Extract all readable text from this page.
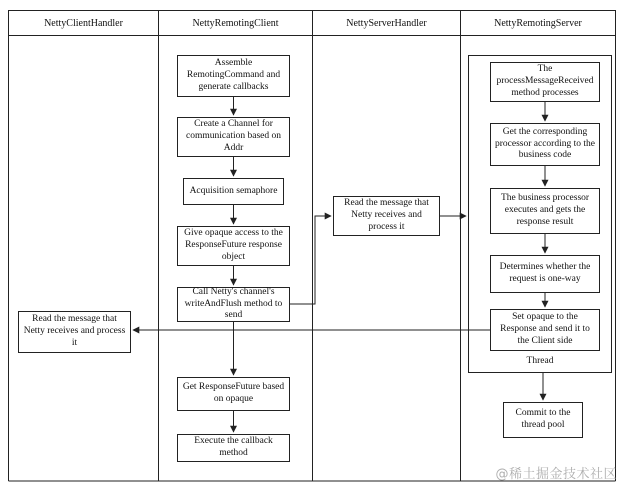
NettyClientHandler	NettyRemotingClient	NettyServerHandler	NettyRemotingServer
Thread
Read the message that Netty receives and process it
Assemble RemotingCommand and generate callbacks
Create a Channel for communication based on Addr
Acquisition semaphore
Give opaque access to the ResponseFuture response object
Call Netty's channel's writeAndFlush method to send
Get ResponseFuture based on opaque
Execute the callback method
Read the message that Netty receives and process it
The processMessageReceived method processes
Get the corresponding processor according to the business code
The business processor executes and gets the response result
Determines whether the request is one-way
Set opaque to the Response and send it to the Client side
Commit to the thread pool
@稀土掘金技术社区
